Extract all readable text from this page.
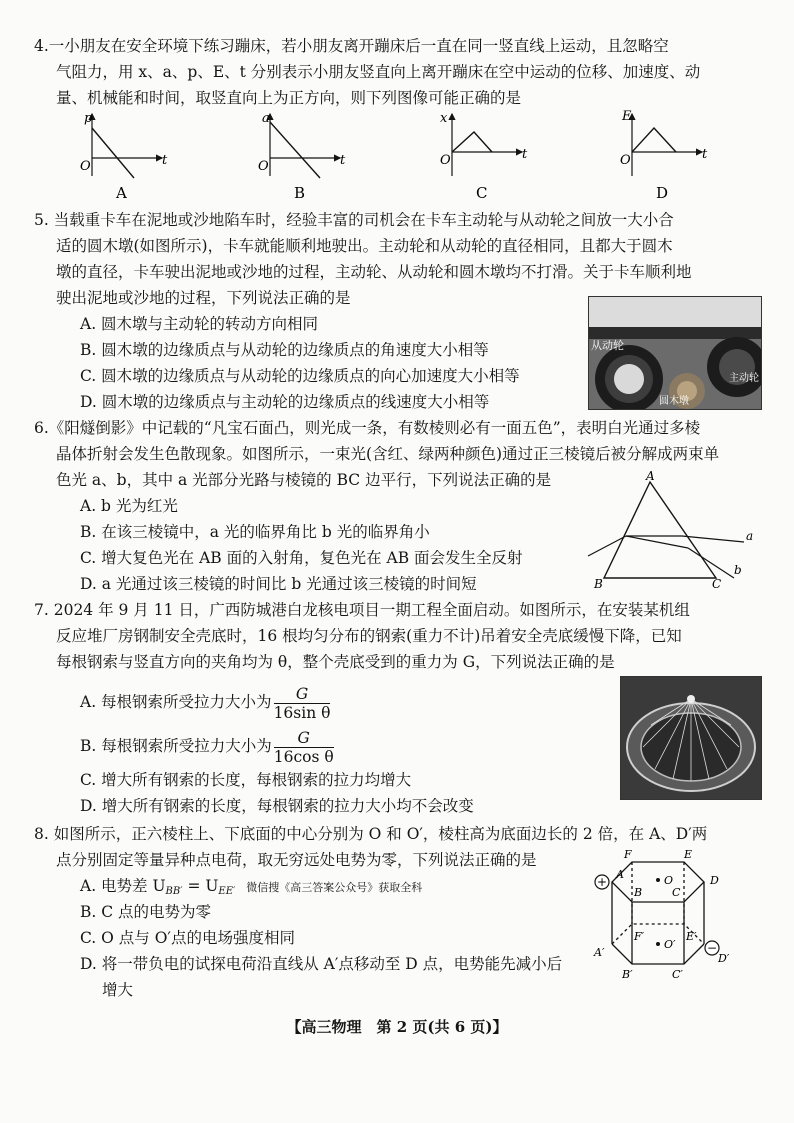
4.一小朋友在安全环境下练习蹦床，若小朋友离开蹦床后一直在同一竖直线上运动，且忽略空
气阻力，用 x、a、p、E、t 分别表示小朋友竖直向上离开蹦床在空中运动的位移、加速度、动
量、机械能和时间，取竖直向上为正方向，则下列图像可能正确的是
p
O	t
A
a
O	t
B
x
O	t
C
E
O	t
D
5. 当载重卡车在泥地或沙地陷车时，经验丰富的司机会在卡车主动轮与从动轮之间放一大小合
适的圆木墩(如图所示)，卡车就能顺利地驶出。主动轮和从动轮的直径相同，且都大于圆木
墩的直径，卡车驶出泥地或沙地的过程，主动轮、从动轮和圆木墩均不打滑。关于卡车顺利地
驶出泥地或沙地的过程，下列说法正确的是
A. 圆木墩与主动轮的转动方向相同
B. 圆木墩的边缘质点与从动轮的边缘质点的角速度大小相等
C. 圆木墩的边缘质点与从动轮的边缘质点的向心加速度大小相等
D. 圆木墩的边缘质点与主动轮的边缘质点的线速度大小相等
从动轮
主动轮
圆木墩
6.《阳燧倒影》中记载的“凡宝石面凸，则光成一条，有数棱则必有一面五色”，表明白光通过多棱
晶体折射会发生色散现象。如图所示，一束光(含红、绿两种颜色)通过正三棱镜后被分解成两束单
色光 a、b，其中 a 光部分光路与棱镜的 BC 边平行，下列说法正确的是
A. b 光为红光
B. 在该三棱镜中，a 光的临界角比 b 光的临界角小
C. 增大复色光在 AB 面的入射角，复色光在 AB 面会发生全反射
D. a 光通过该三棱镜的时间比 b 光通过该三棱镜的时间短
A
B	C
a
b
7. 2024 年 9 月 11 日，广西防城港白龙核电项目一期工程全面启动。如图所示，在安装某机组
反应堆厂房钢制安全壳底时，16 根均匀分布的钢索(重力不计)吊着安全壳底缓慢下降，已知
每根钢索与竖直方向的夹角均为 θ，整个壳底受到的重力为 G，下列说法正确的是
A. 每根钢索所受拉力大小为 $\frac{G}{\text{16sin θ}}$
B. 每根钢索所受拉力大小为 $\frac{G}{\text{16cos θ}}$
C. 增大所有钢索的长度，每根钢索的拉力均增大
D. 增大所有钢索的长度，每根钢索的拉力大小均不会改变
8. 如图所示，正六棱柱上、下底面的中心分别为 O 和 O′，棱柱高为底面边长的 2 倍，在 A、D′两
点分别固定等量异种点电荷，取无穷远处电势为零，下列说法正确的是
A. 电势差 $U_{BB'} = U_{EE'}$ 微信搜《高三答案公众号》获取全科
B. C 点的电势为零
C. O 点与 O′点的电场强度相同
D. 将一带负电的试探电荷沿直线从 A′点移动至 D 点，电势能先减小后
增大
+
−
F	E
A
B	C
D
O
F′	E′
A′
B′	C′
D′
O′
【高三物理　第 2 页(共 6 页)】
